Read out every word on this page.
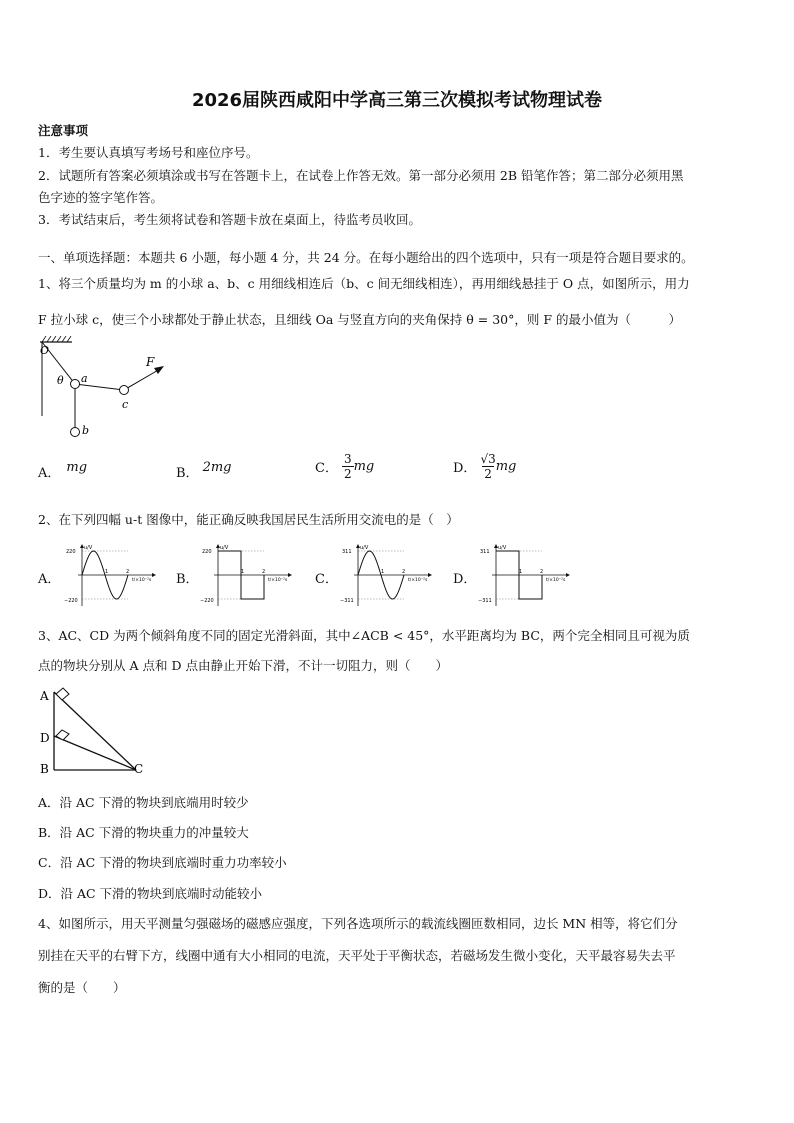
2026届陕西咸阳中学高三第三次模拟考试物理试卷
注意事项
1．考生要认真填写考场号和座位序号。
2．试题所有答案必须填涂或书写在答题卡上，在试卷上作答无效。第一部分必须用 2B 铅笔作答；第二部分必须用黑
色字迹的签字笔作答。
3．考试结束后，考生须将试卷和答题卡放在桌面上，待监考员收回。
一、单项选择题：本题共 6 小题，每小题 4 分，共 24 分。在每小题给出的四个选项中，只有一项是符合题目要求的。
1、将三个质量均为 m 的小球 a、b、c 用细线相连后（b、c 间无细线相连），再用细线悬挂于 O 点，如图所示，用力
F 拉小球 c，使三个小球都处于静止状态，且细线 Oa 与竖直方向的夹角保持 θ = 30°，则 F 的最小值为（　　　）
O
θ a
b
c
F
A． mg	B． 2mg	C．
3
2 mg	D．
√3
2 mg
2、在下列四幅 u-t 图像中，能正确反映我国居民生活所用交流电的是（　）
A．	B．	C．	D．
u/V
220
−220
1	2
t/×10⁻²s
u/V
220
−220
1	2
t/×10⁻²s
u/V
311
−311
1	2
t/×10⁻²s
u/V
311
−311
1	2
t/×10⁻²s
3、AC、CD 为两个倾斜角度不同的固定光滑斜面，其中∠ACB < 45°，水平距离均为 BC，两个完全相同且可视为质
点的物块分别从 A 点和 D 点由静止开始下滑，不计一切阻力，则（　　）
A
D
B	C
A．沿 AC 下滑的物块到底端用时较少
B．沿 AC 下滑的物块重力的冲量较大
C．沿 AC 下滑的物块到底端时重力功率较小
D．沿 AC 下滑的物块到底端时动能较小
4、如图所示，用天平测量匀强磁场的磁感应强度，下列各选项所示的载流线圈匝数相同，边长 MN 相等，将它们分
别挂在天平的右臂下方，线圈中通有大小相同的电流，天平处于平衡状态，若磁场发生微小变化，天平最容易失去平
衡的是（　　）
